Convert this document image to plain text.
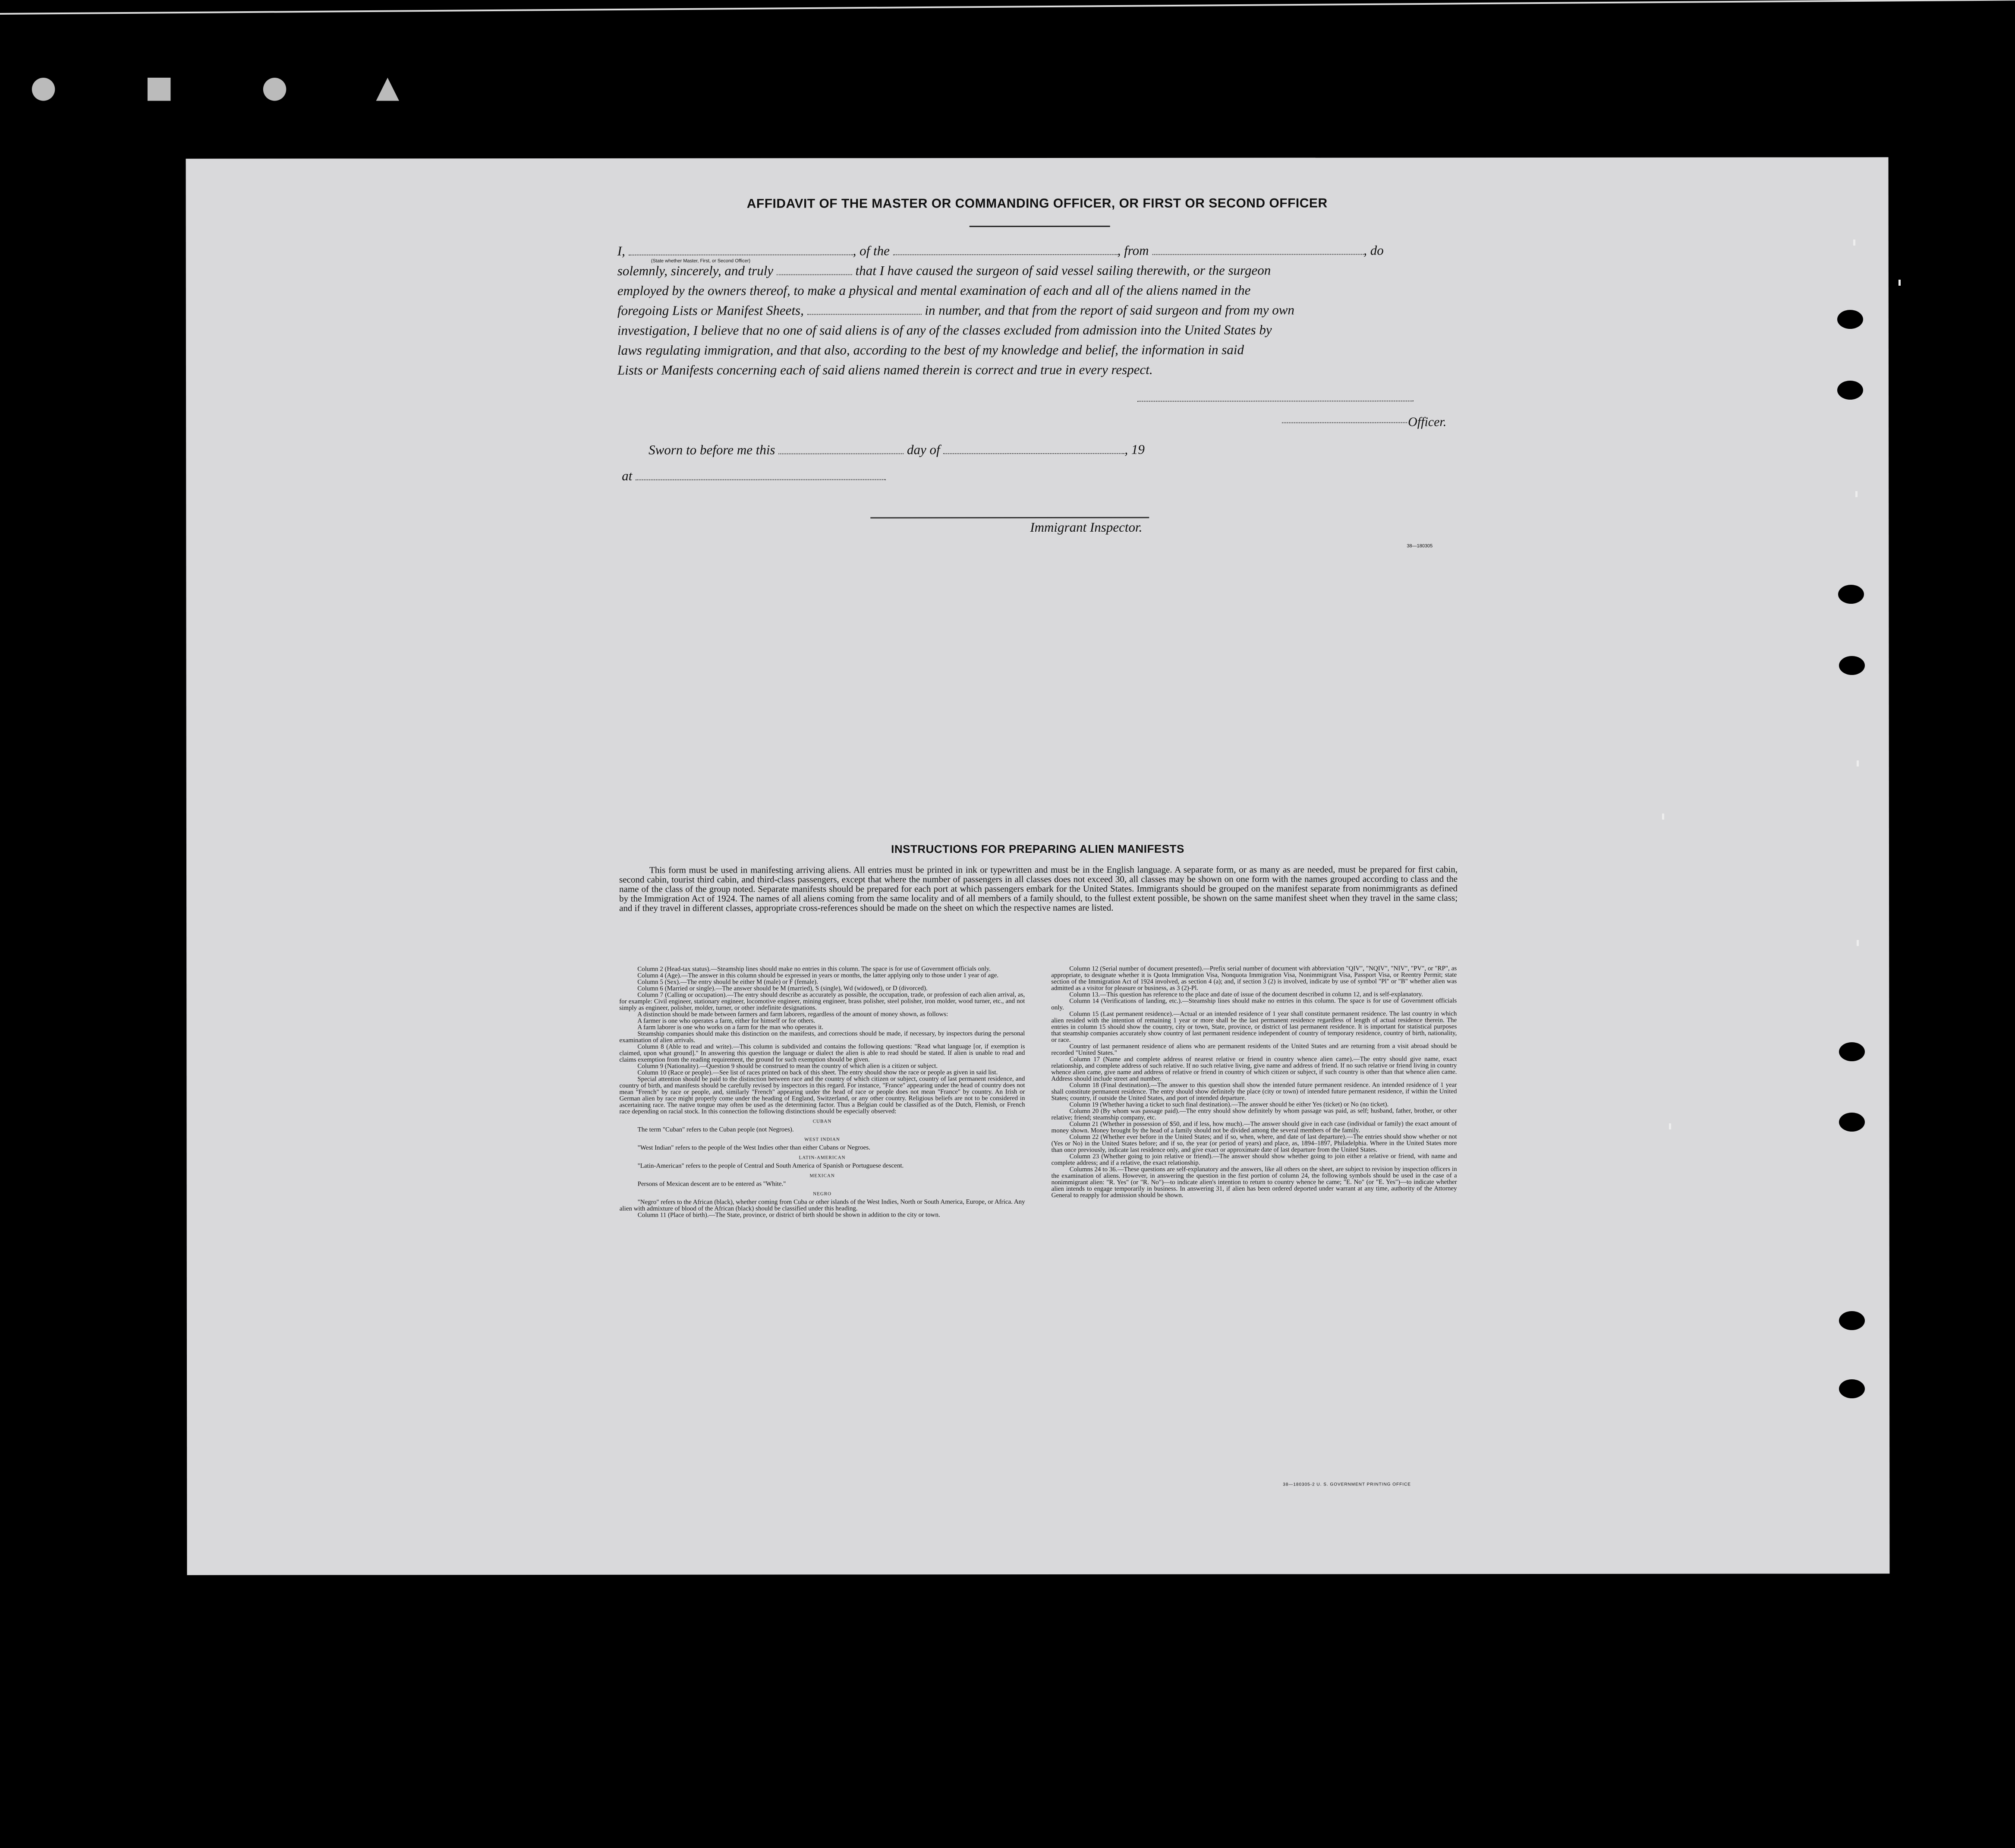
● ■ ● ▲
AFFIDAVIT OF THE MASTER OR COMMANDING OFFICER, OR FIRST OR SECOND OFFICER
(State whether Master, First, or Second Officer)

I,	, of the	, from	, do

solemnly, sincerely, and truly	that I have caused the surgeon of said vessel sailing therewith, or the surgeon

employed by the owners thereof, to make a physical and mental examination of each and all of the aliens named in the

foregoing Lists or Manifest Sheets,	in number, and that from the report of said surgeon and from my own

investigation, I believe that no one of said aliens is of any of the classes excluded from admission into the United States by

laws regulating immigration, and that also, according to the best of my knowledge and belief, the information in said

Lists or Manifests concerning each of said aliens named therein is correct and true in every respect.

Officer.
Sworn to before me this	day of	, 19
at
Immigrant Inspector.
38—180305
INSTRUCTIONS FOR PREPARING ALIEN MANIFESTS

This form must be used in manifesting arriving aliens. All entries must be printed in ink or typewritten and must be in the English language. A separate form, or as many as are needed, must be prepared for first cabin, second cabin, tourist third cabin, and third-class passengers, except that where the number of passengers in all classes does not exceed 30, all classes may be shown on one form with the names grouped according to class and the name of the class of the group noted. Separate manifests should be prepared for each port at which passengers embark for the United States. Immigrants should be grouped on the manifest separate from nonimmigrants as defined by the Immigration Act of 1924. The names of all aliens coming from the same locality and of all members of a family should, to the fullest extent possible, be shown on the same manifest sheet when they travel in the same class; and if they travel in different classes, appropriate cross-references should be made on the sheet on which the respective names are listed.

Column 2 (Head-tax status).—Steamship lines should make no entries in this column. The space is for use of Government officials only.

Column 4 (Age).—The answer in this column should be expressed in years or months, the latter applying only to those under 1 year of age.

Column 5 (Sex).—The entry should be either M (male) or F (female).

Column 6 (Married or single).—The answer should be M (married), S (single), Wd (widowed), or D (divorced).

Column 7 (Calling or occupation).—The entry should describe as accurately as possible, the occupation, trade, or profession of each alien arrival, as, for example: Civil engineer, stationary engineer, locomotive engineer, mining engineer, brass polisher, steel polisher, iron molder, wood turner, etc., and not simply as engineer, polisher, molder, turner, or other indefinite designations.

A distinction should be made between farmers and farm laborers, regardless of the amount of money shown, as follows:

A farmer is one who operates a farm, either for himself or for others.

A farm laborer is one who works on a farm for the man who operates it.

Steamship companies should make this distinction on the manifests, and corrections should be made, if necessary, by inspectors during the personal examination of alien arrivals.

Column 8 (Able to read and write).—This column is subdivided and contains the following questions: "Read what language [or, if exemption is claimed, upon what ground]." In answering this question the language or dialect the alien is able to read should be stated. If alien is unable to read and claims exemption from the reading requirement, the ground for such exemption should be given.

Column 9 (Nationality).—Question 9 should be construed to mean the country of which alien is a citizen or subject.

Column 10 (Race or people).—See list of races printed on back of this sheet. The entry should show the race or people as given in said list.

Special attention should be paid to the distinction between race and the country of which citizen or subject, country of last permanent residence, and country of birth, and manifests should be carefully revised by inspectors in this regard. For instance, "France" appearing under the head of country does not mean "French" by race or people, and, similarly "French" appearing under the head of race or people does not mean "France" by country. An Irish or German alien by race might properly come under the heading of England, Switzerland, or any other country. Religious beliefs are not to be considered in ascertaining race. The native tongue may often be used as the determining factor. Thus a Belgian could be classified as of the Dutch, Flemish, or French race depending on racial stock. In this connection the following distinctions should be especially observed:

CUBAN

The term "Cuban" refers to the Cuban people (not Negroes).

WEST INDIAN

"West Indian" refers to the people of the West Indies other than either Cubans or Negroes.

LATIN-AMERICAN

"Latin-American" refers to the people of Central and South America of Spanish or Portuguese descent.

MEXICAN

Persons of Mexican descent are to be entered as "White."

NEGRO

"Negro" refers to the African (black), whether coming from Cuba or other islands of the West Indies, North or South America, Europe, or Africa. Any alien with admixture of blood of the African (black) should be classified under this heading.

Column 11 (Place of birth).—The State, province, or district of birth should be shown in addition to the city or town.

Column 12 (Serial number of document presented).—Prefix serial number of document with abbreviation "QIV", "NQIV", "NIV", "PV", or "RP", as appropriate, to designate whether it is Quota Immigration Visa, Nonquota Immigration Visa, Nonimmigrant Visa, Passport Visa, or Reentry Permit; state section of the Immigration Act of 1924 involved, as section 4 (a); and, if section 3 (2) is involved, indicate by use of symbol "Pl" or "B" whether alien was admitted as a visitor for pleasure or business, as 3 (2)-Pl.

Column 13.—This question has reference to the place and date of issue of the document described in column 12, and is self-explanatory.

Column 14 (Verifications of landing, etc.).—Steamship lines should make no entries in this column. The space is for use of Government officials only.

Column 15 (Last permanent residence).—Actual or an intended residence of 1 year shall constitute permanent residence. The last country in which alien resided with the intention of remaining 1 year or more shall be the last permanent residence regardless of length of actual residence therein. The entries in column 15 should show the country, city or town, State, province, or district of last permanent residence. It is important for statistical purposes that steamship companies accurately show country of last permanent residence independent of country of temporary residence, country of birth, nationality, or race.

Country of last permanent residence of aliens who are permanent residents of the United States and are returning from a visit abroad should be recorded "United States."

Column 17 (Name and complete address of nearest relative or friend in country whence alien came).—The entry should give name, exact relationship, and complete address of such relative. If no such relative living, give name and address of friend. If no such relative or friend living in country whence alien came, give name and address of relative or friend in country of which citizen or subject, if such country is other than that whence alien came. Address should include street and number.

Column 18 (Final destination).—The answer to this question shall show the intended future permanent residence. An intended residence of 1 year shall constitute permanent residence. The entry should show definitely the place (city or town) of intended future permanent residence, if within the United States; country, if outside the United States, and port of intended departure.

Column 19 (Whether having a ticket to such final destination).—The answer should be either Yes (ticket) or No (no ticket).

Column 20 (By whom was passage paid).—The entry should show definitely by whom passage was paid, as self; husband, father, brother, or other relative; friend; steamship company, etc.

Column 21 (Whether in possession of $50, and if less, how much).—The answer should give in each case (individual or family) the exact amount of money shown. Money brought by the head of a family should not be divided among the several members of the family.

Column 22 (Whether ever before in the United States; and if so, when, where, and date of last departure).—The entries should show whether or not (Yes or No) in the United States before; and if so, the year (or period of years) and place, as, 1894–1897, Philadelphia. Where in the United States more than once previously, indicate last residence only, and give exact or approximate date of last departure from the United States.

Column 23 (Whether going to join relative or friend).—The answer should show whether going to join either a relative or friend, with name and complete address; and if a relative, the exact relationship.

Columns 24 to 36.—These questions are self-explanatory and the answers, like all others on the sheet, are subject to revision by inspection officers in the examination of aliens. However, in answering the question in the first portion of column 24, the following symbols should be used in the case of a nonimmigrant alien: "R. Yes" (or "R. No")—to indicate alien's intention to return to country whence he came; "E. No" (or "E. Yes")—to indicate whether alien intends to engage temporarily in business. In answering 31, if alien has been ordered deported under warrant at any time, authority of the Attorney General to reapply for admission should be shown.

38—180305-2 U. S. GOVERNMENT PRINTING OFFICE
